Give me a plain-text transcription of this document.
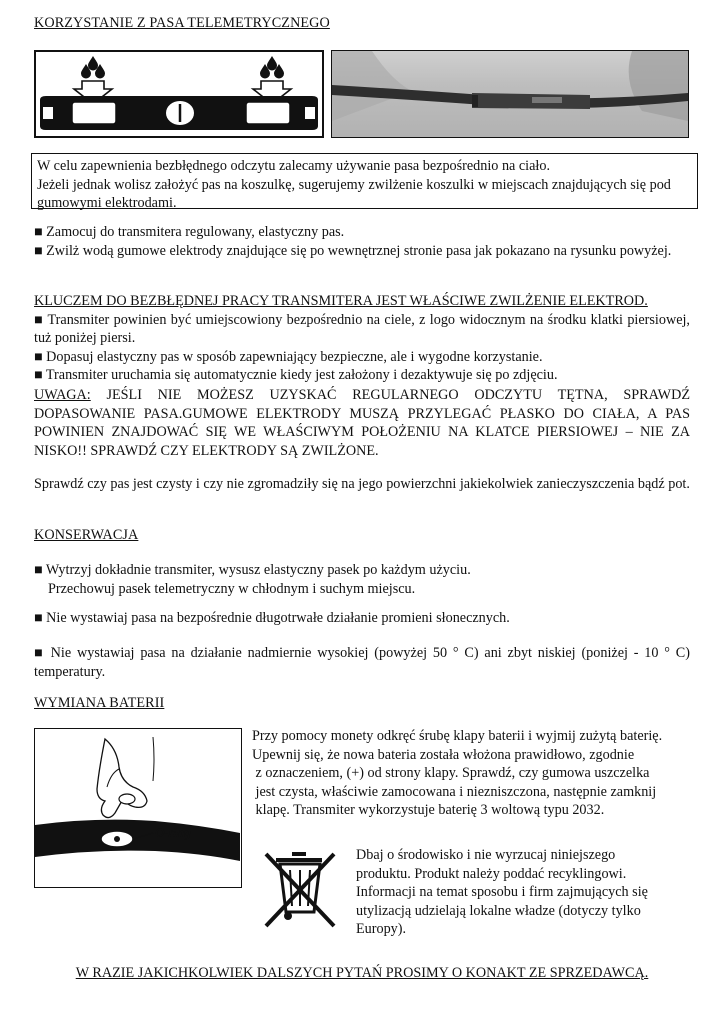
KORZYSTANIE Z PASA TELEMETRYCZNEGO

W celu zapewnienia bezbłędnego odczytu zalecamy używanie pasa bezpośrednio na ciało.

Jeżeli jednak wolisz założyć pas na koszulkę, sugerujemy zwilżenie koszulki w miejscach znajdujących się pod gumowymi elektrodami.

■ Zamocuj do transmitera regulowany, elastyczny pas.

■ Zwilż wodą gumowe elektrody znajdujące się po wewnętrznej stronie pasa jak pokazano na rysunku powyżej.

KLUCZEM DO BEZBŁĘDNEJ PRACY TRANSMITERA JEST WŁAŚCIWE ZWILŻENIE ELEKTROD.

■ Transmiter powinien być umiejscowiony bezpośrednio na ciele, z logo widocznym na środku klatki piersiowej, tuż poniżej piersi.

■ Dopasuj elastyczny pas w sposób zapewniający bezpieczne, ale i wygodne korzystanie.

■ Transmiter uruchamia się automatycznie kiedy jest założony i dezaktywuje się po zdjęciu.

UWAGA: JEŚLI NIE MOŻESZ UZYSKAĆ REGULARNEGO ODCZYTU TĘTNA, SPRAWDŹ DOPASOWANIE PASA.GUMOWE ELEKTRODY MUSZĄ PRZYLEGAĆ PŁASKO DO CIAŁA, A PAS POWINIEN ZNAJDOWAĆ SIĘ WE WŁAŚCIWYM POŁOŻENIU NA KLATCE PIERSIOWEJ – NIE ZA NISKO!! SPRAWDŹ CZY ELEKTRODY SĄ ZWILŻONE.
Sprawdź czy pas jest czysty i czy nie zgromadziły się na jego powierzchni jakiekolwiek zanieczyszczenia bądź pot.
KONSERWACJA

■ Wytrzyj dokładnie transmiter, wysusz elastyczny pasek po każdym użyciu.

Przechowuj pasek telemetryczny w chłodnym i suchym miejscu.

■ Nie wystawiaj pasa na bezpośrednie długotrwałe działanie promieni słonecznych.
■ Nie wystawiaj pasa na działanie nadmiernie wysokiej (powyżej 50 ° C) ani zbyt niskiej (poniżej - 10 ° C) temperatury.
WYMIANA BATERII
O-ring

Przy pomocy monety odkręć śrubę klapy baterii i wyjmij zużytą baterię.

Upewnij się, że nowa bateria została włożona prawidłowo, zgodnie

z oznaczeniem, (+) od strony klapy. Sprawdź, czy gumowa uszczelka

jest czysta, właściwie zamocowana i niezniszczona, następnie zamknij

klapę. Transmiter wykorzystuje baterię 3 woltową typu 2032.

Dbaj o środowisko i nie wyrzucaj niniejszego

produktu. Produkt należy poddać recyklingowi.

Informacji na temat sposobu i firm zajmujących się

utylizacją udzielają lokalne władze (dotyczy tylko

Europy).

W RAZIE JAKICHKOLWIEK DALSZYCH PYTAŃ PROSIMY O KONAKT ZE SPRZEDAWCĄ.
